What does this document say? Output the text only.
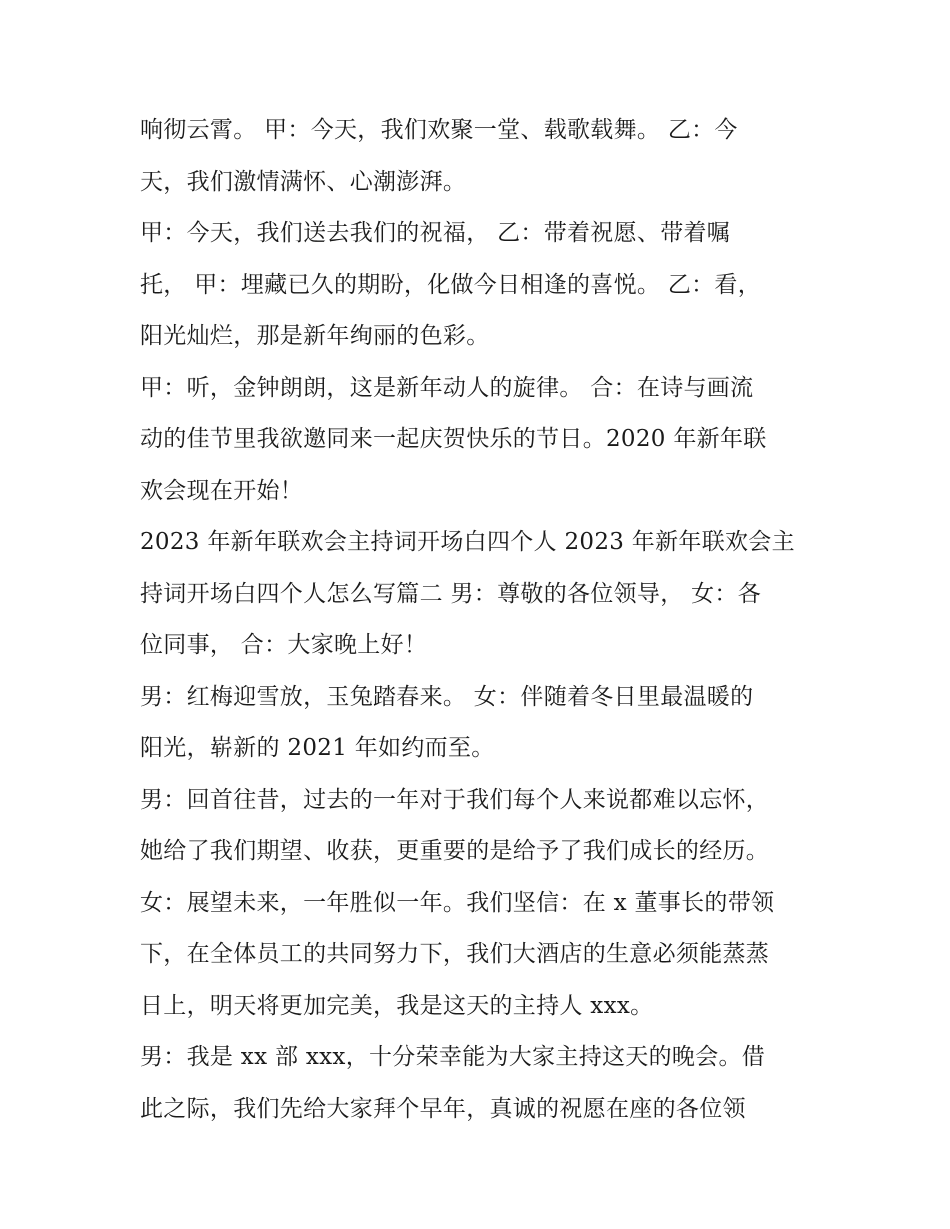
响彻云霄。 甲：今天，我们欢聚一堂、载歌载舞。 乙：今
天，我们激情满怀、心潮澎湃。
甲：今天，我们送去我们的祝福， 乙：带着祝愿、带着嘱
托， 甲：埋藏已久的期盼，化做今日相逢的喜悦。 乙：看，
阳光灿烂，那是新年绚丽的色彩。
甲：听，金钟朗朗，这是新年动人的旋律。 合：在诗与画流
动的佳节里我欲邀同来一起庆贺快乐的节日。2020 年新年联
欢会现在开始！
2023 年新年联欢会主持词开场白四个人 2023 年新年联欢会主
持词开场白四个人怎么写篇二 男：尊敬的各位领导， 女：各
位同事， 合：大家晚上好！
男：红梅迎雪放，玉兔踏春来。 女：伴随着冬日里最温暖的
阳光，崭新的 2021 年如约而至。
男：回首往昔，过去的一年对于我们每个人来说都难以忘怀，
她给了我们期望、收获，更重要的是给予了我们成长的经历。
女：展望未来，一年胜似一年。我们坚信：在 x 董事长的带领
下，在全体员工的共同努力下，我们大酒店的生意必须能蒸蒸
日上，明天将更加完美，我是这天的主持人 xxx。
男：我是 xx 部 xxx，十分荣幸能为大家主持这天的晚会。借
此之际，我们先给大家拜个早年，真诚的祝愿在座的各位领
